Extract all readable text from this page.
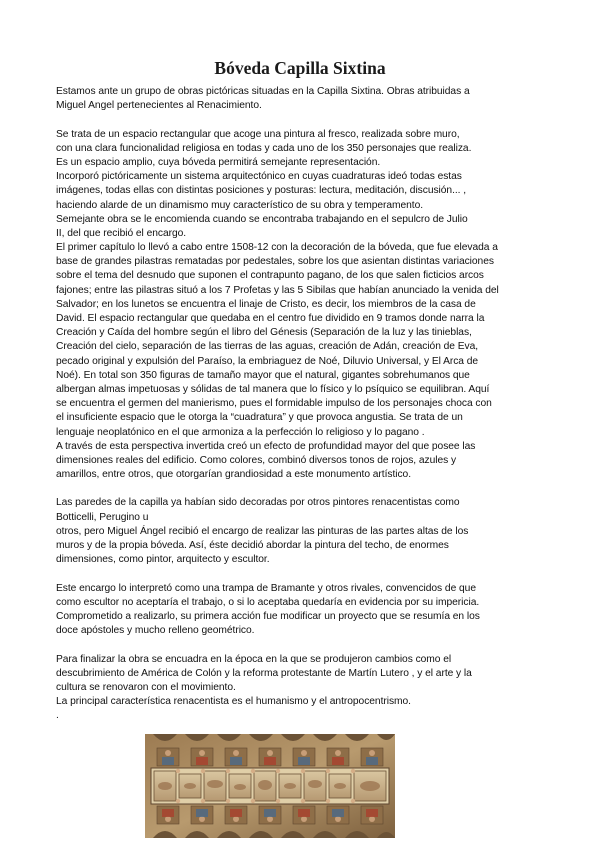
Bóveda Capilla Sixtina
Estamos ante un grupo de obras pictóricas situadas en la Capilla Sixtina. Obras atribuidas a
Miguel Angel pertenecientes al Renacimiento.
Se trata de un espacio rectangular que acoge una pintura al fresco, realizada sobre muro,
con una clara funcionalidad religiosa en todas y cada uno de los 350 personajes que realiza.
Es un espacio amplio, cuya bóveda permitirá semejante representación.
Incorporó pictóricamente un sistema arquitectónico en cuyas cuadraturas ideó todas estas
imágenes, todas ellas con distintas posiciones y posturas: lectura, meditación, discusión... ,
haciendo alarde de un dinamismo muy característico de su obra y temperamento.
Semejante obra se le encomienda cuando se encontraba trabajando en el sepulcro de Julio
II, del que recibió el encargo.
El primer capítulo lo llevó a cabo entre 1508-12 con la decoración de la bóveda, que fue elevada a
base de grandes pilastras rematadas por pedestales, sobre los que asientan distintas variaciones
sobre el tema del desnudo que suponen el contrapunto pagano, de los que salen ficticios arcos
fajones; entre las pilastras situó a los 7 Profetas y las 5 Sibilas que habían anunciado la venida del
Salvador; en los lunetos se encuentra el linaje de Cristo, es decir, los miembros de la casa de
David. El espacio rectangular que quedaba en el centro fue dividido en 9 tramos donde narra la
Creación y Caída del hombre según el libro del Génesis (Separación de la luz y las tinieblas,
Creación del cielo, separación de las tierras de las aguas, creación de Adán, creación de Eva,
pecado original y expulsión del Paraíso, la embriaguez de Noé, Diluvio Universal, y El Arca de
Noé). En total son 350 figuras de tamaño mayor que el natural, gigantes sobrehumanos que
albergan almas impetuosas y sólidas de tal manera que lo físico y lo psíquico se equilibran. Aquí
se encuentra el germen del manierismo, pues el formidable impulso de los personajes choca con
el insuficiente espacio que le otorga la “cuadratura” y que provoca angustia. Se trata de un
lenguaje neoplatónico en el que armoniza a la perfección lo religioso y lo pagano .
A través de esta perspectiva invertida creó un efecto de profundidad mayor del que posee las
dimensiones reales del edificio. Como colores, combinó diversos tonos de rojos, azules y
amarillos, entre otros, que otorgarían grandiosidad a este monumento artístico.
Las paredes de la capilla ya habían sido decoradas por otros pintores renacentistas como
Botticelli, Perugino u
otros, pero Miguel Ángel recibió el encargo de realizar las pinturas de las partes altas de los
muros y de la propia bóveda. Así, éste decidió abordar la pintura del techo, de enormes
dimensiones, como pintor, arquitecto y escultor.
Este encargo lo interpretó como una trampa de Bramante y otros rivales, convencidos de que
como escultor no aceptaría el trabajo, o si lo aceptaba quedaría en evidencia por su impericia.
Comprometido a realizarlo, su primera acción fue modificar un proyecto que se resumía en los
doce apóstoles y mucho relleno geométrico.
Para finalizar la obra se encuadra en la época en la que se produjeron cambios como el
descubrimiento de América de Colón y la reforma protestante de Martín Lutero , y el arte y la
cultura se renovaron con el movimiento.
La principal característica renacentista es el humanismo y el antropocentrismo.
.
